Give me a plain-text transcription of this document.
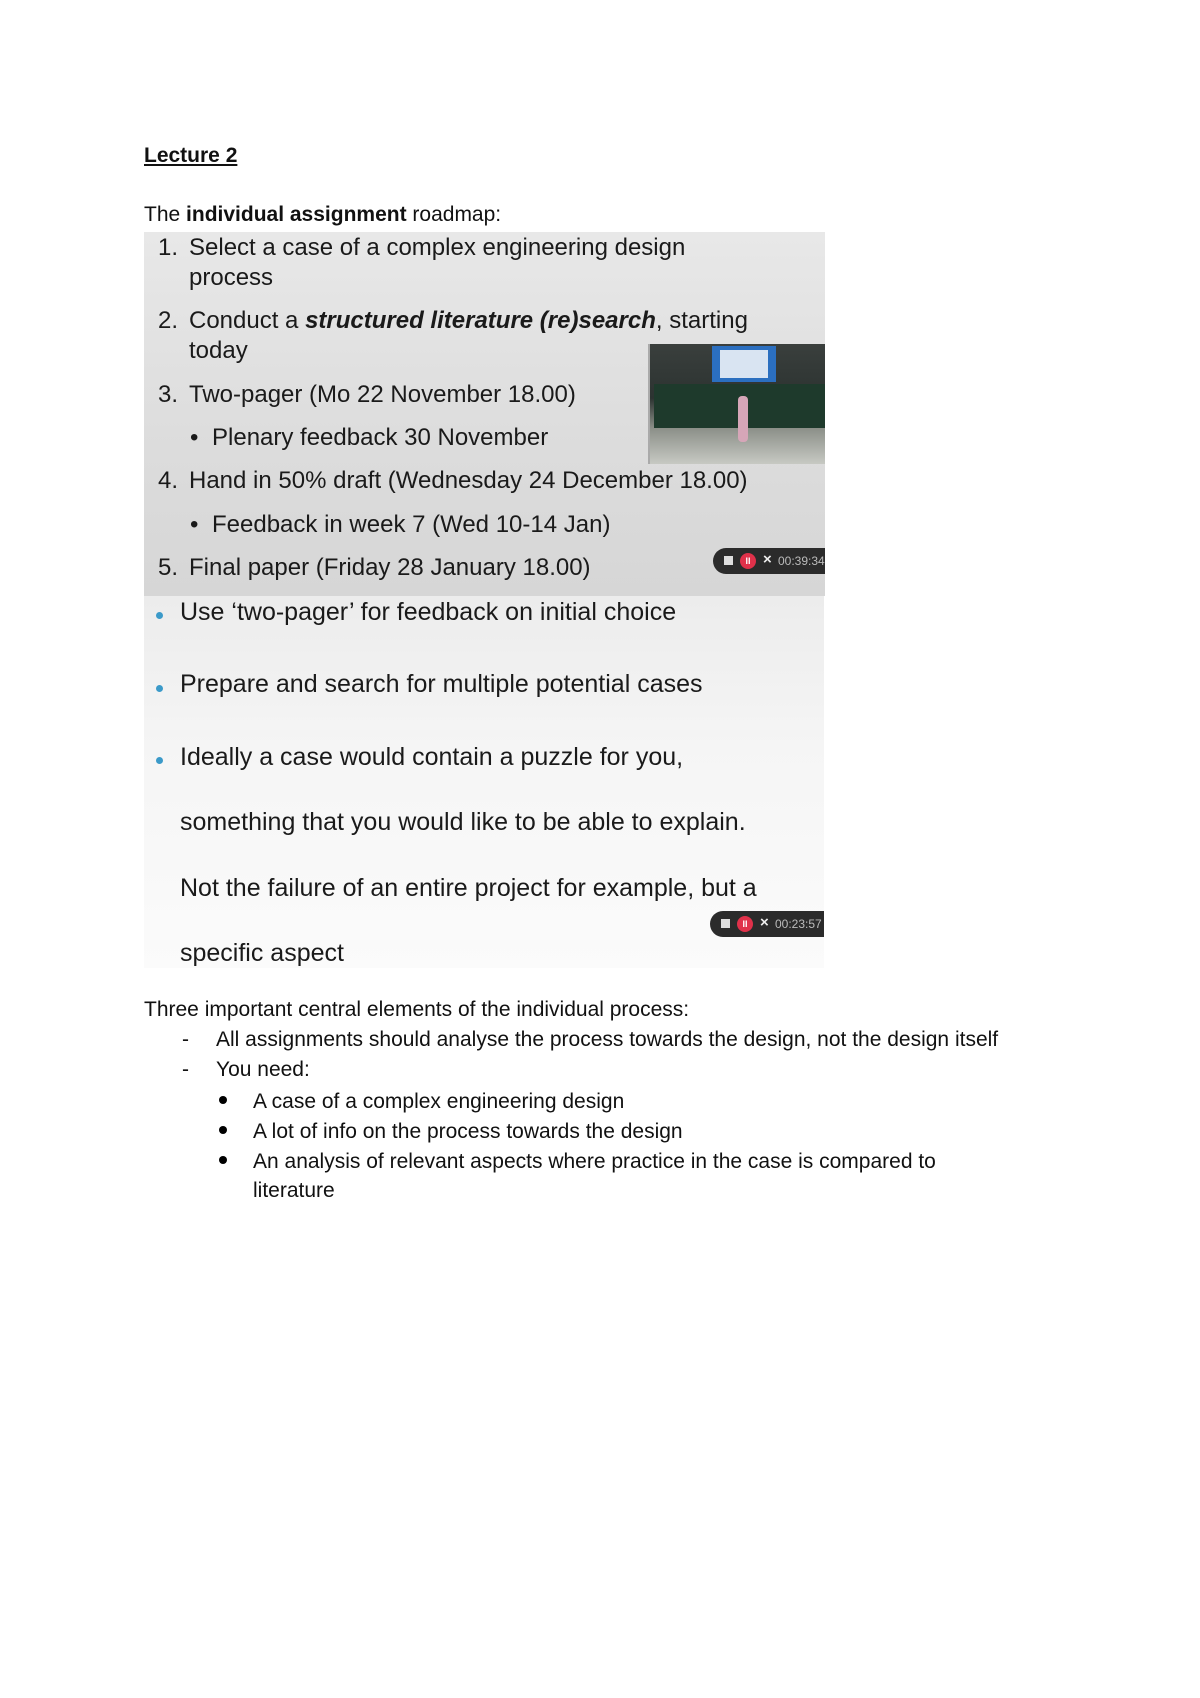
Lecture 2
The individual assignment roadmap:
1. Select a case of a complex engineering design
process
2. Conduct a structured literature (re)search, starting
today
3. Two-pager (Mo 22 November 18.00)
• Plenary feedback 30 November
4. Hand in 50% draft (Wednesday 24 December 18.00)
• Feedback in week 7 (Wed 10-14 Jan)
5. Final paper (Friday 28 January 18.00)	II × 00:39:34
Use ‘two-pager’ for feedback on initial choice
Prepare and search for multiple potential cases
Ideally a case would contain a puzzle for you,
something that you would like to be able to explain.
Not the failure of an entire project for example, but a
specific aspect
II × 00:23:57
Three important central elements of the individual process:
- All assignments should analyse the process towards the design, not the design itself
- You need:
A case of a complex engineering design
A lot of info on the process towards the design
An analysis of relevant aspects where practice in the case is compared to
literature
